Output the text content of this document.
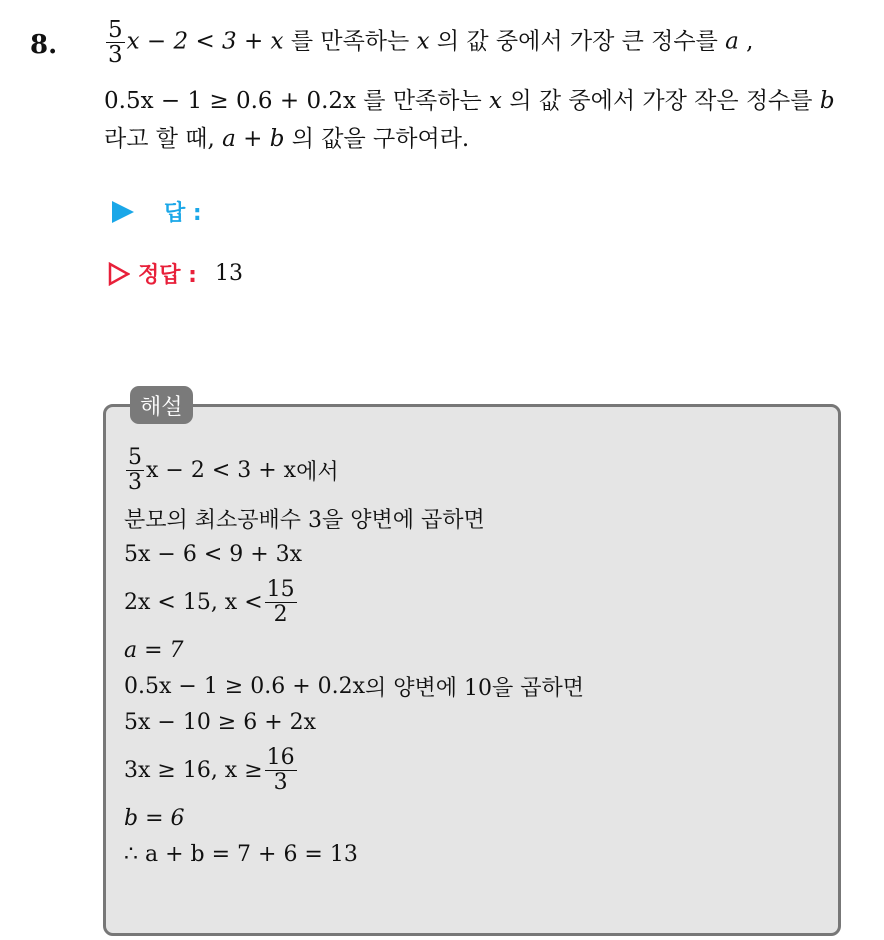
8. $\frac{5}{3}$ x − 2 < 3 + x 를 만족하는 x 의 값 중에서 가장 큰 정수를 a ,
0.5x − 1 ≥ 0.6 + 0.2x 를 만족하는 x 의 값 중에서 가장 작은 정수를 b
라고 할 때, a + b 의 값을 구하여라.
답 :
정답 : 13
해설
$\frac{5}{3}$ x − 2 < 3 + x 에서
분모의 최소공배수 3을 양변에 곱하면
5x − 6 < 9 + 3x
2x < 15, $x < \frac{15}{2}$
a = 7
0.5x − 1 ≥ 0.6 + 0.2x 의 양변에 10을 곱하면
5x − 10 ≥ 6 + 2x
3x ≥ 16, $x \ge \frac{16}{3}$
b = 6
∴ a + b = 7 + 6 = 13
